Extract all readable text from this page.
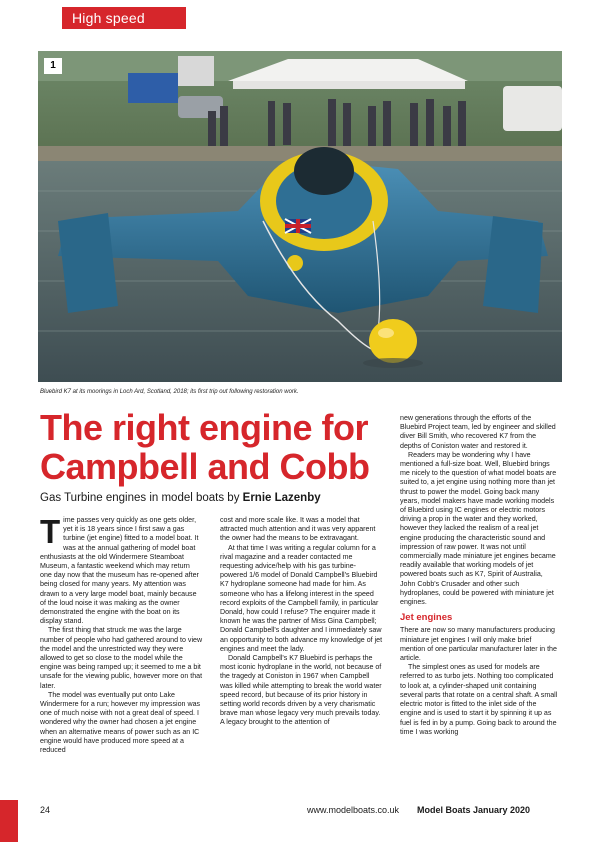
High speed
1
Bluebird K7 at its moorings in Loch Ard, Scotland, 2018; its first trip out following restoration work.
The right engine for Campbell and Cobb
Gas Turbine engines in model boats by Ernie Lazenby

Time passes very quickly as one gets older, yet it is 18 years since I first saw a gas turbine (jet engine) fitted to a model boat. It was at the annual gathering of model boat enthusiasts at the old Windermere Steamboat Museum, a fantastic weekend which may return one day now that the museum has re-opened after being closed for many years. My attention was drawn to a very large model boat, mainly because of the loud noise it was making as the owner demonstrated the engine with the boat on its display stand.

The first thing that struck me was the large number of people who had gathered around to view the model and the unrestricted way they were allowed to get so close to the model while the engine was being ramped up; it seemed to me a bit unsafe for the viewing public, however more on that later.

The model was eventually put onto Lake Windermere for a run; however my impression was one of much noise with not a great deal of speed. I wondered why the owner had chosen a jet engine when an alternative means of power such as an IC engine would have produced more speed at a reduced

cost and more scale like. It was a model that attracted much attention and it was very apparent the owner had the means to be extravagant.

At that time I was writing a regular column for a rival magazine and a reader contacted me requesting advice/help with his gas turbine-powered 1/6 model of Donald Campbell's Bluebird K7 hydroplane someone had made for him. As someone who has a lifelong interest in the speed record exploits of the Campbell family, in particular Donald, how could I refuse? The enquirer made it known he was the partner of Miss Gina Campbell; Donald Campbell's daughter and I immediately saw an opportunity to both advance my knowledge of jet engines and meet the lady.

Donald Campbell's K7 Bluebird is perhaps the most iconic hydroplane in the world, not because of the tragedy at Coniston in 1967 when Campbell was killed while attempting to break the world water speed record, but because of its prior history in setting world records driven by a very charismatic brave man whose legacy very much prevails today. A legacy brought to the attention of

new generations through the efforts of the Bluebird Project team, led by engineer and skilled diver Bill Smith, who recovered K7 from the depths of Coniston water and restored it.

Readers may be wondering why I have mentioned a full-size boat. Well, Bluebird brings me nicely to the question of what model boats are suited to, a jet engine using nothing more than jet thrust to power the model. Going back many years, model makers have made working models of Bluebird using IC engines or electric motors driving a prop in the water and they worked, however they lacked the realism of a real jet engine producing the characteristic sound and impression of raw power. It was not until commercially made miniature jet engines became readily available that working models of jet powered boats such as K7, Spirit of Australia, John Cobb's Crusader and other such hydroplanes, could be powered with miniature jet engines.

Jet engines

There are now so many manufacturers producing miniature jet engines I will only make brief mention of one particular manufacturer later in the article.

The simplest ones as used for models are referred to as turbo jets. Nothing too complicated to look at, a cylinder-shaped unit containing several parts that rotate on a central shaft. A small electric motor is fitted to the inlet side of the engine and is used to start it by spinning it up as fuel is fed in by a pump. Going back to around the time I was working

24	www.modelboats.co.uk Model Boats January 2020
